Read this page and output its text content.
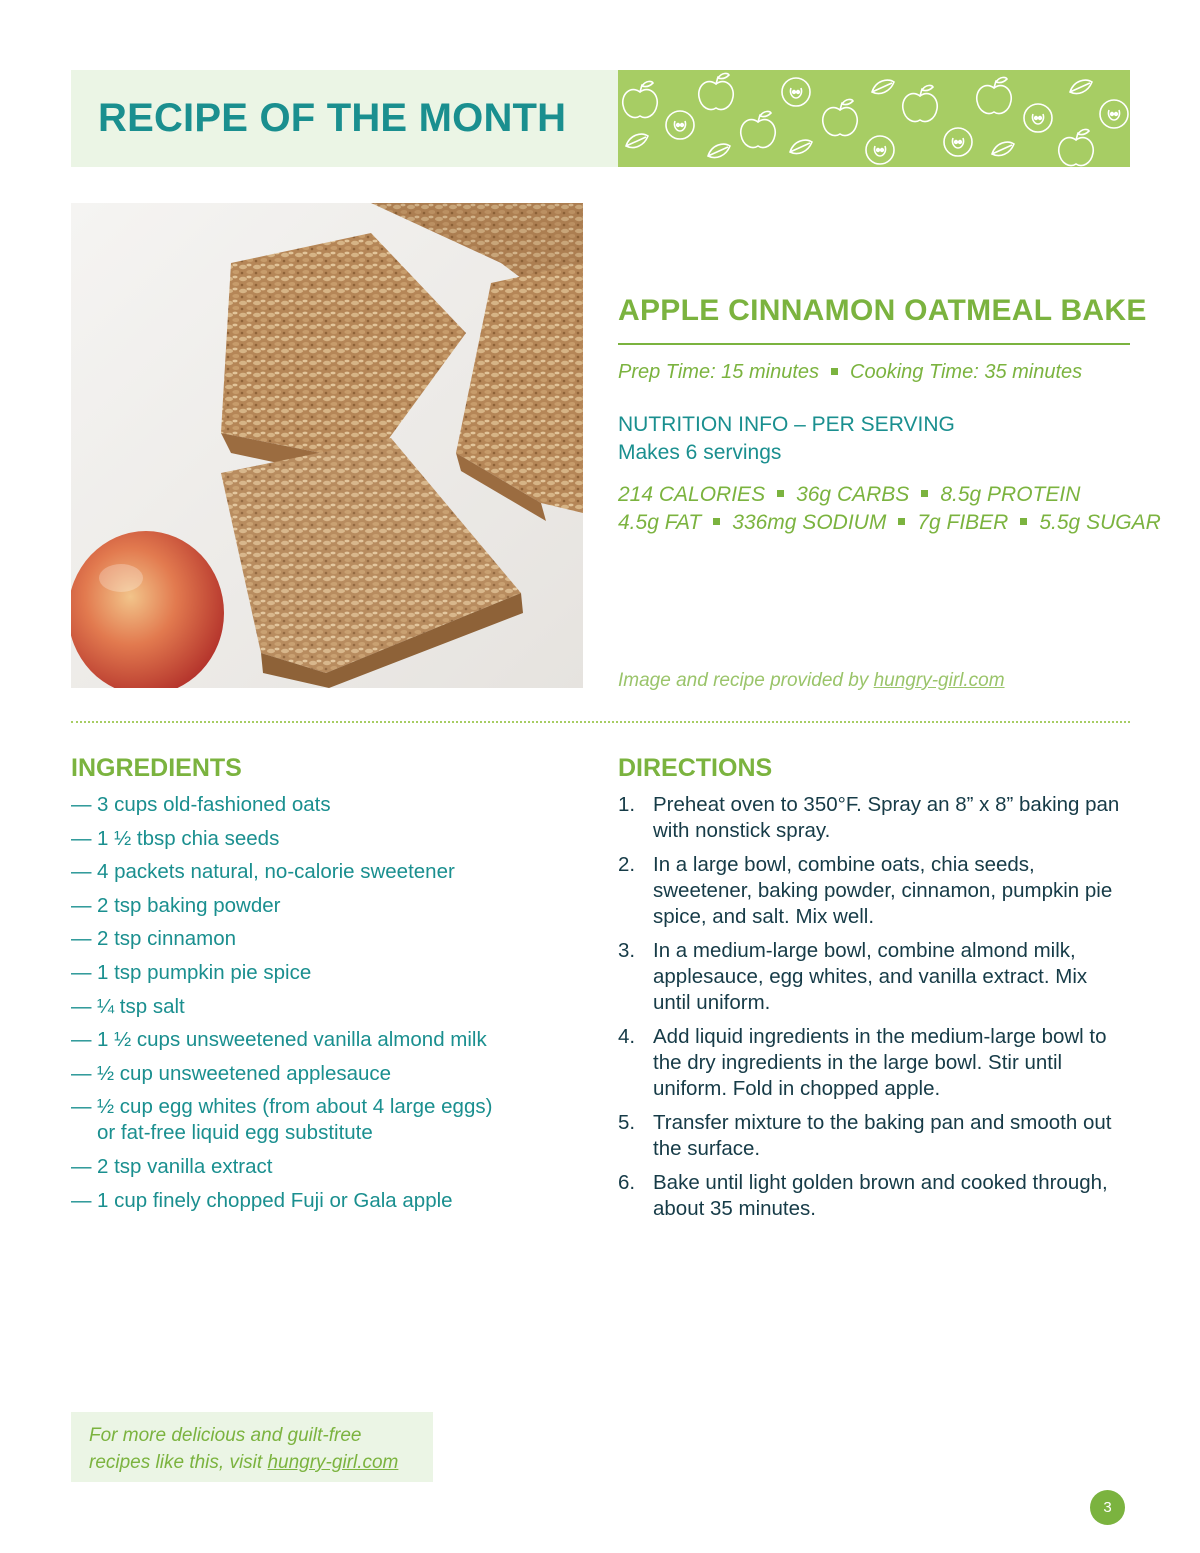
RECIPE OF THE MONTH
APPLE CINNAMON OATMEAL BAKE
Prep Time: 15 minutes Cooking Time: 35 minutes
NUTRITION INFO – PER SERVING
Makes 6 servings
214 CALORIES 36g CARBS 8.5g PROTEIN
4.5g FAT 336mg SODIUM 7g FIBER 5.5g SUGAR
Image and recipe provided by hungry-girl.com
INGREDIENTS
— 3 cups old-fashioned oats
— 1 ½ tbsp chia seeds
— 4 packets natural, no-calorie sweetener
— 2 tsp baking powder
— 2 tsp cinnamon
— 1 tsp pumpkin pie spice
— ¼ tsp salt
— 1 ½ cups unsweetened vanilla almond milk
— ½ cup unsweetened applesauce
— ½ cup egg whites (from about 4 large eggs) or fat-free liquid egg substitute
— 2 tsp vanilla extract
— 1 cup finely chopped Fuji or Gala apple
DIRECTIONS
1. Preheat oven to 350°F. Spray an 8” x 8” baking pan with nonstick spray.
2. In a large bowl, combine oats, chia seeds, sweetener, baking powder, cinnamon, pumpkin pie spice, and salt. Mix well.
3. In a medium-large bowl, combine almond milk, applesauce, egg whites, and vanilla extract. Mix until uniform.
4. Add liquid ingredients in the medium-large bowl to the dry ingredients in the large bowl. Stir until uniform. Fold in chopped apple.
5. Transfer mixture to the baking pan and smooth out the surface.
6. Bake until light golden brown and cooked through, about 35 minutes.
For more delicious and guilt-free
recipes like this, visit hungry-girl.com
3
